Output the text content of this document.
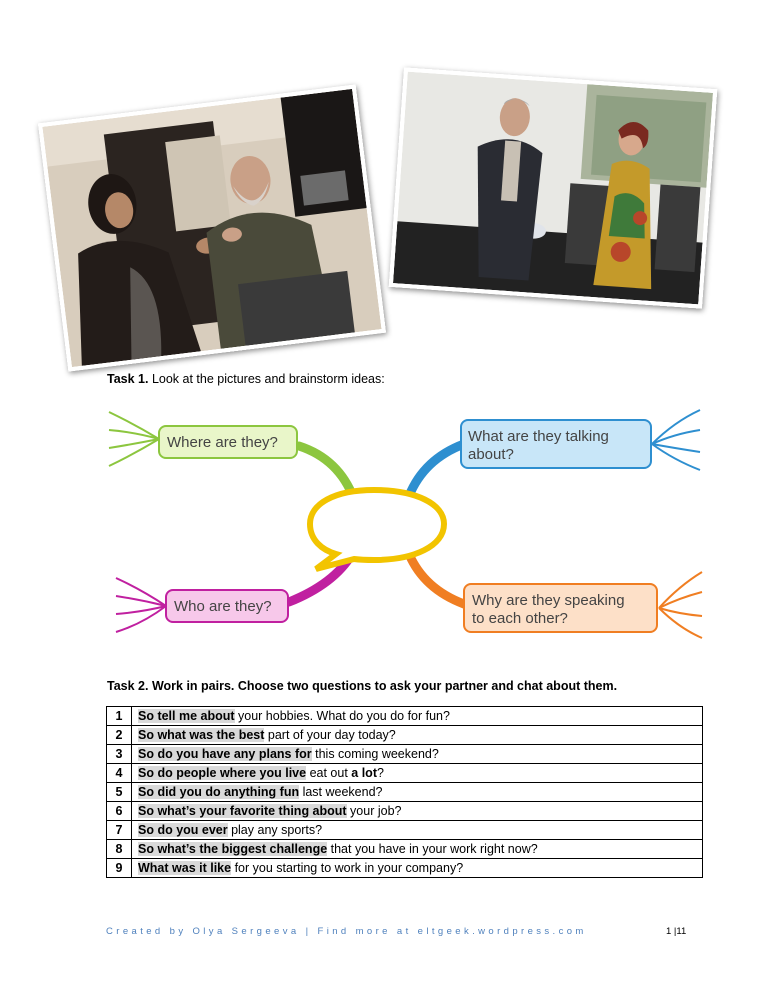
Task 1. Look at the pictures and brainstorm ideas:
Where are they?	What are they talking
about?
Who are they?	Why are they speaking
to each other?
Task 2. Work in pairs. Choose two questions to ask your partner and chat about them.
1	So tell me about your hobbies. What do you do for fun?
2	So what was the best part of your day today?
3	So do you have any plans for this coming weekend?
4	So do people where you live eat out a lot?
5	So did you do anything fun last weekend?
6	So what’s your favorite thing about your job?
7	So do you ever play any sports?
8	So what’s the biggest challenge that you have in your work right now?
9	What was it like for you starting to work in your company?
Created by Olya Sergeeva | Find more at eltgeek.wordpress.com	1 |11
